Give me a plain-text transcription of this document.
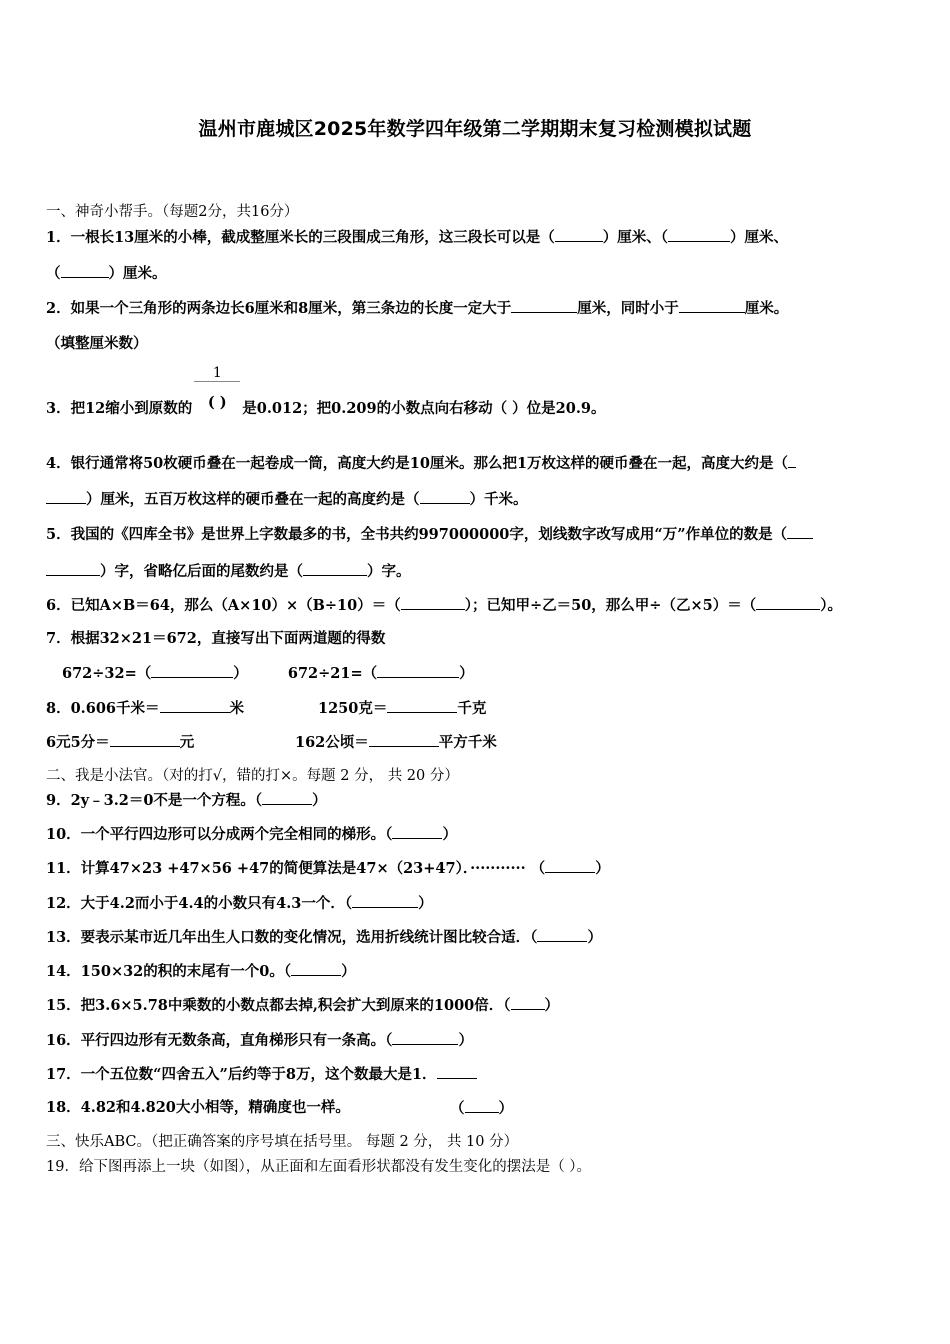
温州市鹿城区2025年数学四年级第二学期期末复习检测模拟试题
一、神奇小帮手。（每题2分，共16分）
1．一根长13厘米的小棒，截成整厘米长的三段围成三角形，这三段长可以是（	）厘米、（	）厘米、
（	）厘米。
2．如果一个三角形的两条边长6厘米和8厘米，第三条边的长度一定大于	厘米，同时小于	厘米。
（填整厘米数）
3．把12缩小到原数的 $\frac{1}{( )}$ 是0.012；把0.209的小数点向右移动（ ）位是20.9。
4．银行通常将50枚硬币叠在一起卷成一筒，高度大约是10厘米。那么把1万枚这样的硬币叠在一起，高度大约是（
）厘米，五百万枚这样的硬币叠在一起的高度约是（	）千米。
5．我国的《四库全书》是世界上字数最多的书，全书共约997000000字，划线数字改写成用“万”作单位的数是（
）字，省略亿后面的尾数约是（	）字。
6．已知A×B＝64，那么（A×10）×（B÷10）＝（	）；已知甲÷乙＝50，那么甲÷（乙×5）＝（	）。
7．根据32×21＝672，直接写出下面两道题的得数
672÷32=（	）	672÷21=（	）
8．0.606千米＝	米	1250克＝	千克
6元5分＝	元	162公顷＝	平方千米
二、我是小法官。（对的打√，错的打×。每题 2 分， 共 20 分）
9．2y﹣3.2＝0不是一个方程。（	）
10．一个平行四边形可以分成两个完全相同的梯形。（	）
11．计算47×23 +47×56 +47的简便算法是47×（23+47）．··········· （	）
12．大于4.2而小于4.4的小数只有4.3一个．（	）
13．要表示某市近几年出生人口数的变化情况，选用折线统计图比较合适．（	）
14．150×32的积的末尾有一个0。（	）
15．把3.6×5.78中乘数的小数点都去掉,积会扩大到原来的1000倍．（ ）
16．平行四边形有无数条高，直角梯形只有一条高。（	）
17．一个五位数“四舍五入”后约等于8万，这个数最大是1．
18．4.82和4.820大小相等，精确度也一样。	（ ）
三、快乐ABC。（把正确答案的序号填在括号里。 每题 2 分， 共 10 分）
19．给下图再添上一块（如图），从正面和左面看形状都没有发生变化的摆法是（ ）。
